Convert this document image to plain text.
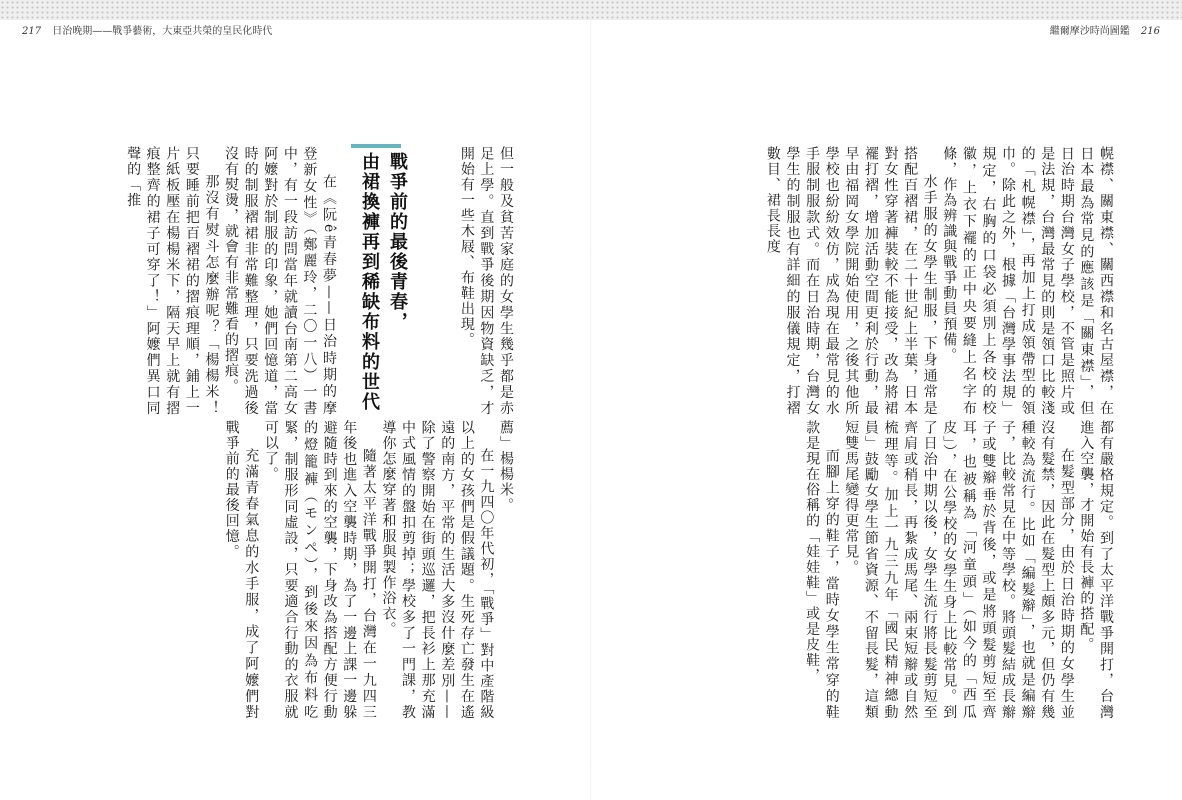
217 日治晚期——戰爭藝術，大東亞共榮的皇民化時代	繼爾摩沙時尚圖鑑 216

幌襟、關東襟、關西襟和名古屋襟，在日本最為常見的應該是「關東襟」，但日治時期台灣女子學校，不管是照片或是法規，台灣最常見的則是領口比較淺的「札幌襟」，再加上打成領帶型的領巾。除此之外，根據「台灣學事法規」規定，右胸的口袋必須別上各校的校徽，上衣下襬的正中央要縫上名字布條，作為辨識與戰爭動員預備。

水手服的女學生制服，下身通常是搭配百褶裙，在二十世紀上半葉，日本對女性穿著褲裝較不能接受，改為將裙襬打褶，增加活動空間更利於行動，最早由福岡女學院開始使用，之後其他所學校也紛紛效仿，成為現在最常見的水手服制服款式。而在日治時期，台灣女學生的制服也有詳細的服儀規定，打褶數目、裙長長度

都有嚴格規定。到了太平洋戰爭開打，台灣進入空襲，才開始有長褲的搭配。

在髮型部分，由於日治時期的女學生並沒有髮禁，因此在髮型上頗多元，但仍有幾種較為流行。比如「編髮辮」，也就是編辮子，比較常見在中等學校。將頭髮結成長辮子或雙辮垂於背後，或是將頭髮剪短至齊耳，也被稱為「河童頭」（如今的「西瓜皮」），在公學校的女學生身上比較常見。到了日治中期以後，女學生流行將長髮剪短至齊肩或稍長，再紮成馬尾、兩束短辮或自然梳理等。加上一九三九年「國民精神總動員」鼓勵女學生節省資源、不留長髮，這類短雙馬尾變得更常見。

而腳上穿的鞋子，當時女學生常穿的鞋款是現在俗稱的「娃娃鞋」或是皮鞋，

但一般及貧苦家庭的女學生幾乎都是赤足上學。直到戰爭後期因物資缺乏，才開始有一些木屐、布鞋出現。

戰爭前的最後青春，
由裙換褲再到稀缺布料的世代

在《阮ê青春夢——日治時期的摩登新女性》（鄭麗玲，二〇一八）一書中，有一段訪問當年就讀台南第二高女阿嬤對於制服的印象，她們回憶道，當時的制服褶裙非常難整理，只要洗過後沒有熨燙，就會有非常難看的摺痕。

那沒有熨斗怎麼辦呢？「楊楊米！只要睡前把百褶裙的摺痕理順，鋪上一片紙板壓在楊楊米下，隔天早上就有摺痕整齊的裙子可穿了！」阿嬤們異口同聲的「推

薦」楊楊米。

在一九四〇年代初，「戰爭」對中產階級以上的女孩們是假議題。生死存亡發生在遙遠的南方，平常的生活大多沒什麼差別——除了警察開始在街頭巡邏，把長衫上那充滿中式風情的盤扣剪掉；學校多了一門課，教導你怎麼穿著和服與製作浴衣。

隨著太平洋戰爭開打，台灣在一九四三年後也進入空襲時期，為了一邊上課一邊躲避隨時到來的空襲，下身改為搭配方便行動的燈籠褲（モンペ），到後來因為布料吃緊，制服形同虛設，只要適合行動的衣服就可以了。

充滿青春氣息的水手服，成了阿嬤們對戰爭前的最後回憶。
